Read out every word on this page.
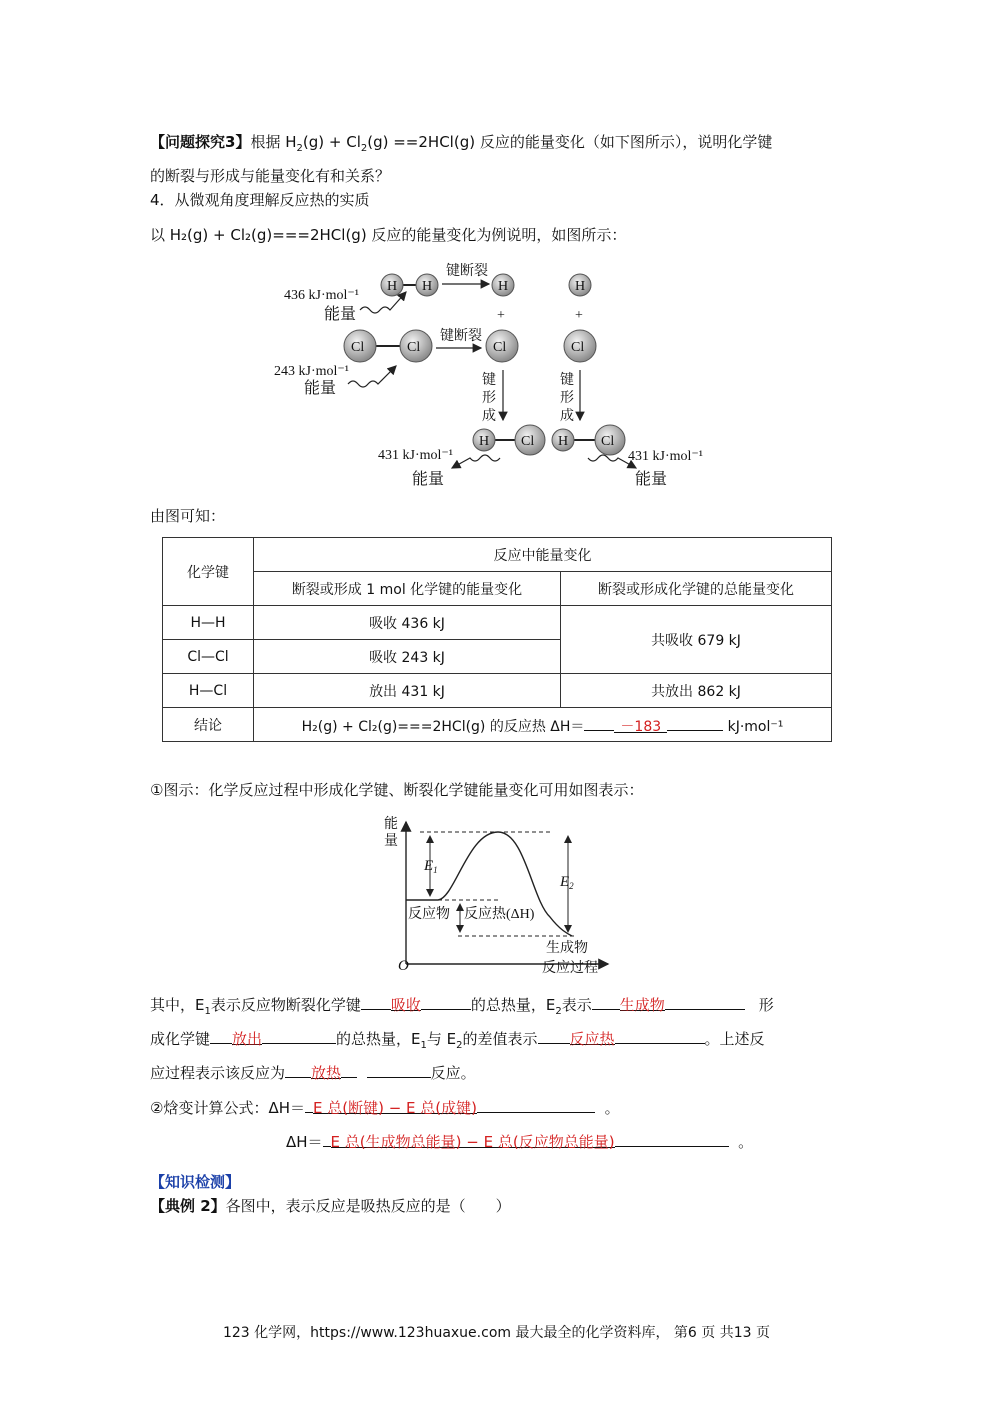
【问题探究3】根据 $H_2(g) + Cl_2(g) ==2HCl(g)$ 反应的能量变化（如下图所示），说明化学键
的断裂与形成与能量变化有和关系？
4．从微观角度理解反应热的实质
以 H₂(g) + Cl₂(g)===2HCl(g) 反应的能量变化为例说明，如图所示：
436 kJ·mol⁻¹
能量
H H
键断裂
H	H
+	+
243 kJ·mol⁻¹
能量
Cl	Cl
键断裂
Cl	Cl
键
形
成
键
形
成
H Cl H Cl
431 kJ·mol⁻¹
能量
431 kJ·mol⁻¹
能量
由图可知：
化学键	反应中能量变化	
	断裂或形成 1 mol 化学键的能量变化	断裂或形成化学键的总能量变化
H—H	吸收 436 kJ	共吸收 679 kJ
Cl—Cl	吸收 243 kJ	
H—Cl	放出 431 kJ	共放出 862 kJ
结论	H₂(g) + Cl₂(g)===2HCl(g) 的反应热 ΔH＝ －183 kJ·mol⁻¹	
①图示：化学反应过程中形成化学键、断裂化学键能量变化可用如图表示：
能
量
O	反应过程
$E_1$
$E_2$
反应物 反应热(ΔH)
生成物
其中，$E_1$表示反应物断裂化学键 吸收	的总热量，$E_2$表示 生成物	形
成化学键 放出	的总热量，$E_1$与 $E_2$的差值表示 反应热	。上述反
应过程表示该反应为 放热	反应。
②焓变计算公式：ΔH＝ E 总(断键) − E 总(成键)	。
ΔH＝ E 总(生成物总能量) − E 总(反应物总能量)	。
【知识检测】
【典例 2】各图中，表示反应是吸热反应的是（　　）
123 化学网，https://www.123huaxue.com 最大最全的化学资料库， 第6 页 共13 页
